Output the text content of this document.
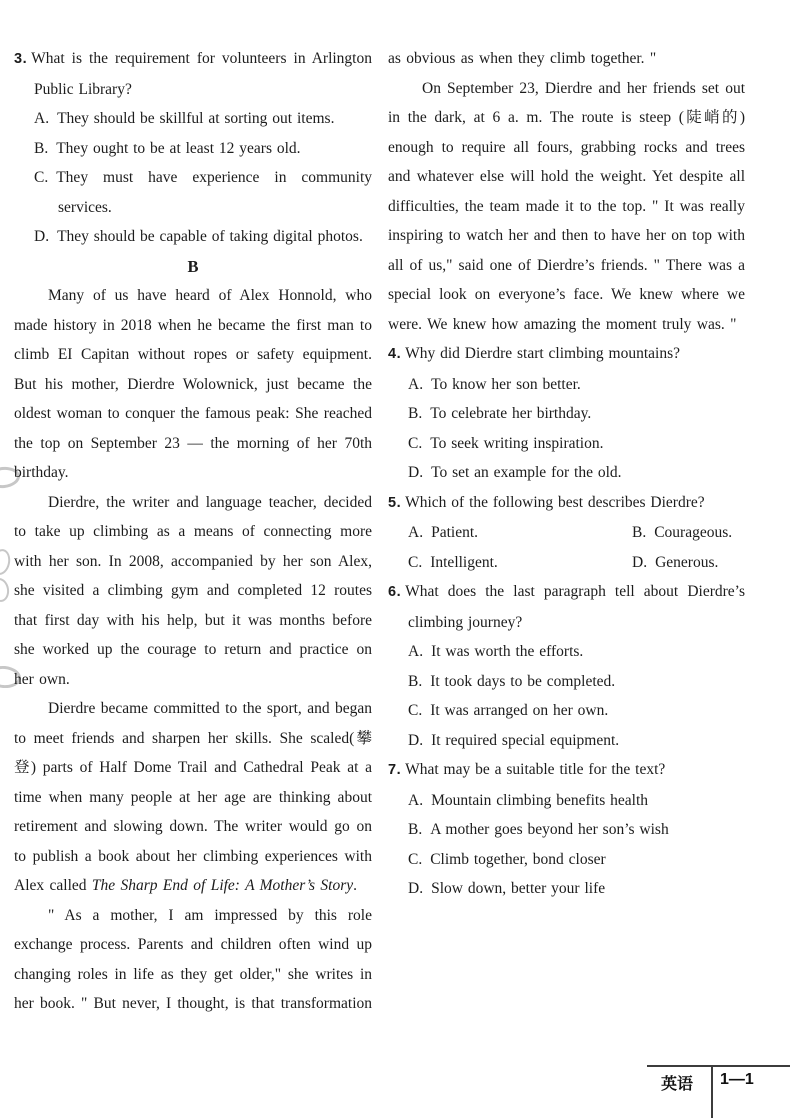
3. What is the requirement for volunteers in Arlington Public Library?

A. They should be skillful at sorting out items.

B. They ought to be at least 12 years old.

C. They must have experience in community services.

D. They should be capable of taking digital photos.

B

Many of us have heard of Alex Honnold, who made history in 2018 when he became the first man to climb EI Capitan without ropes or safety equipment. But his mother, Dierdre Wolownick, just became the oldest woman to conquer the famous peak: She reached the top on September 23 — the morning of her 70th birthday.

Dierdre, the writer and language teacher, decided to take up climbing as a means of connecting more with her son. In 2008, accompanied by her son Alex, she visited a climbing gym and completed 12 routes that first day with his help, but it was months before she worked up the courage to return and practice on her own.

Dierdre became committed to the sport, and began to meet friends and sharpen her skills. She scaled(攀登) parts of Half Dome Trail and Cathedral Peak at a time when many people at her age are thinking about retirement and slowing down. The writer would go on to publish a book about her climbing experiences with Alex called The Sharp End of Life: A Mother’s Story.

" As a mother, I am impressed by this role exchange process. Parents and children often wind up changing roles in life as they get older," she writes in her book. " But never, I thought, is that transformation

as obvious as when they climb together. "

On September 23, Dierdre and her friends set out in the dark, at 6 a. m. The route is steep (陡峭的) enough to require all fours, grabbing rocks and trees and whatever else will hold the weight. Yet despite all difficulties, the team made it to the top. " It was really inspiring to watch her and then to have her on top with all of us," said one of Dierdre’s friends. " There was a special look on everyone’s face. We knew where we were. We knew how amazing the moment truly was. "

4. Why did Dierdre start climbing mountains?

A. To know her son better.

B. To celebrate her birthday.

C. To seek writing inspiration.

D. To set an example for the old.

5. Which of the following best describes Dierdre?

A. Patient.	B. Courageous.

C. Intelligent.	D. Generous.

6. What does the last paragraph tell about Dierdre’s climbing journey?

A. It was worth the efforts.

B. It took days to be completed.

C. It was arranged on her own.

D. It required special equipment.

7. What may be a suitable title for the text?

A. Mountain climbing benefits health

B. A mother goes beyond her son’s wish

C. Climb together, bond closer

D. Slow down, better your life

英语	1—1
